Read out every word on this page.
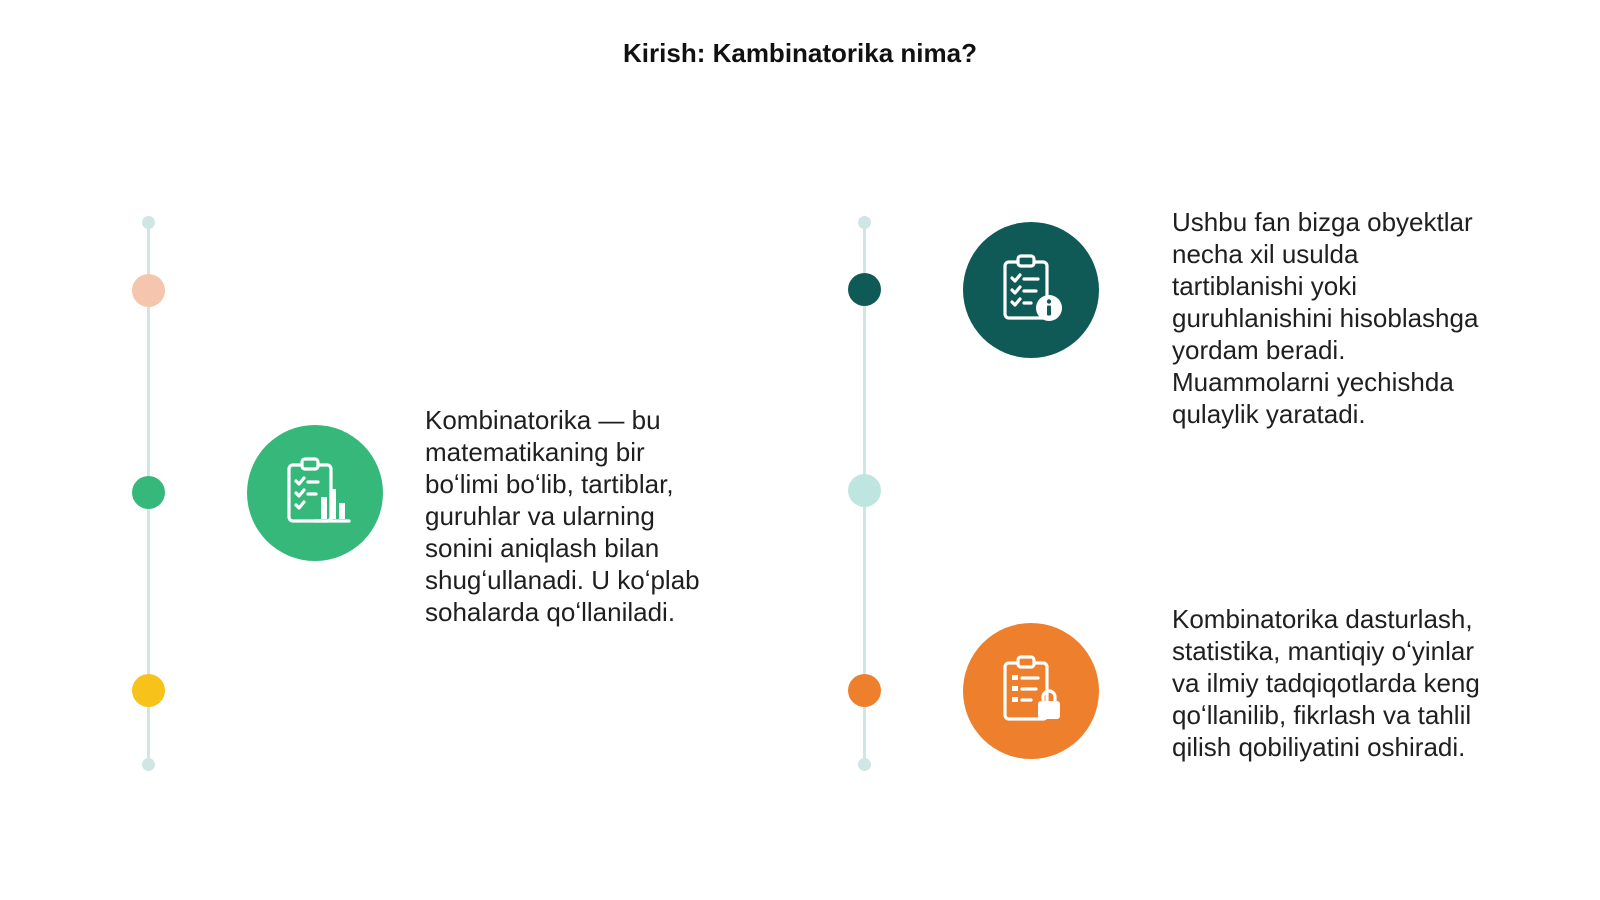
Kirish: Kambinatorika nima?
Kombinatorika — bu
matematikaning bir
boʻlimi boʻlib, tartiblar,
guruhlar va ularning
sonini aniqlash bilan
shugʻullanadi. U koʻplab
sohalarda qoʻllaniladi.
Ushbu fan bizga obyektlar
necha xil usulda
tartiblanishi yoki
guruhlanishini hisoblashga
yordam beradi.
Muammolarni yechishda
qulaylik yaratadi.
Kombinatorika dasturlash,
statistika, mantiqiy oʻyinlar
va ilmiy tadqiqotlarda keng
qoʻllanilib, fikrlash va tahlil
qilish qobiliyatini oshiradi.
